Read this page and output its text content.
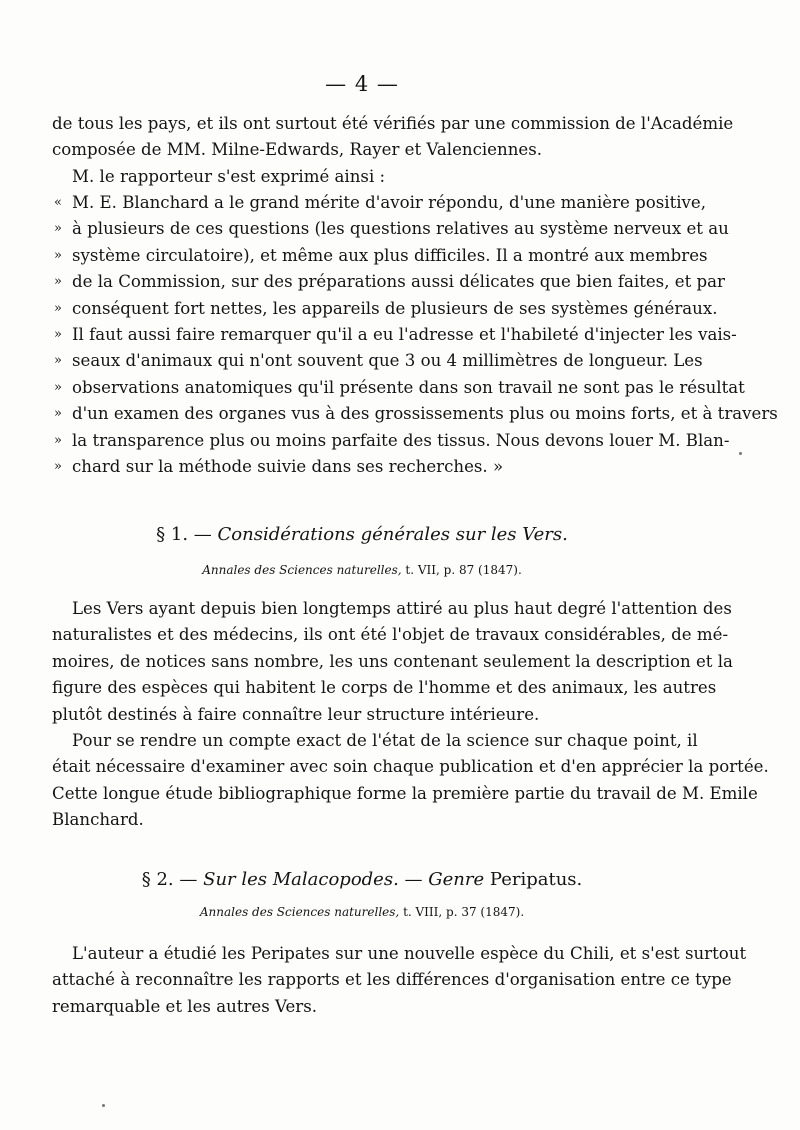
— 4 —
de tous les pays, et ils ont surtout été vérifiés par une commission de l'Académie
composée de MM. Milne-Edwards, Rayer et Valenciennes.
M. le rapporteur s'est exprimé ainsi :
« M. E. Blanchard a le grand mérite d'avoir répondu, d'une manière positive,
» à plusieurs de ces questions (les questions relatives au système nerveux et au
» système circulatoire), et même aux plus difficiles. Il a montré aux membres
» de la Commission, sur des préparations aussi délicates que bien faites, et par
» conséquent fort nettes, les appareils de plusieurs de ses systèmes généraux.
» Il faut aussi faire remarquer qu'il a eu l'adresse et l'habileté d'injecter les vais-
» seaux d'animaux qui n'ont souvent que 3 ou 4 millimètres de longueur. Les
» observations anatomiques qu'il présente dans son travail ne sont pas le résultat
» d'un examen des organes vus à des grossissements plus ou moins forts, et à travers
» la transparence plus ou moins parfaite des tissus. Nous devons louer M. Blan-
» chard sur la méthode suivie dans ses recherches. »
§ 1. — Considérations générales sur les Vers.
Annales des Sciences naturelles, t. VII, p. 87 (1847).
Les Vers ayant depuis bien longtemps attiré au plus haut degré l'attention des
naturalistes et des médecins, ils ont été l'objet de travaux considérables, de mé-
moires, de notices sans nombre, les uns contenant seulement la description et la
figure des espèces qui habitent le corps de l'homme et des animaux, les autres
plutôt destinés à faire connaître leur structure intérieure.
Pour se rendre un compte exact de l'état de la science sur chaque point, il
était nécessaire d'examiner avec soin chaque publication et d'en apprécier la portée.
Cette longue étude bibliographique forme la première partie du travail de M. Emile
Blanchard.
§ 2. — Sur les Malacopodes. — Genre Peripatus.
Annales des Sciences naturelles, t. VIII, p. 37 (1847).
L'auteur a étudié les Peripates sur une nouvelle espèce du Chili, et s'est surtout
attaché à reconnaître les rapports et les différences d'organisation entre ce type
remarquable et les autres Vers.
